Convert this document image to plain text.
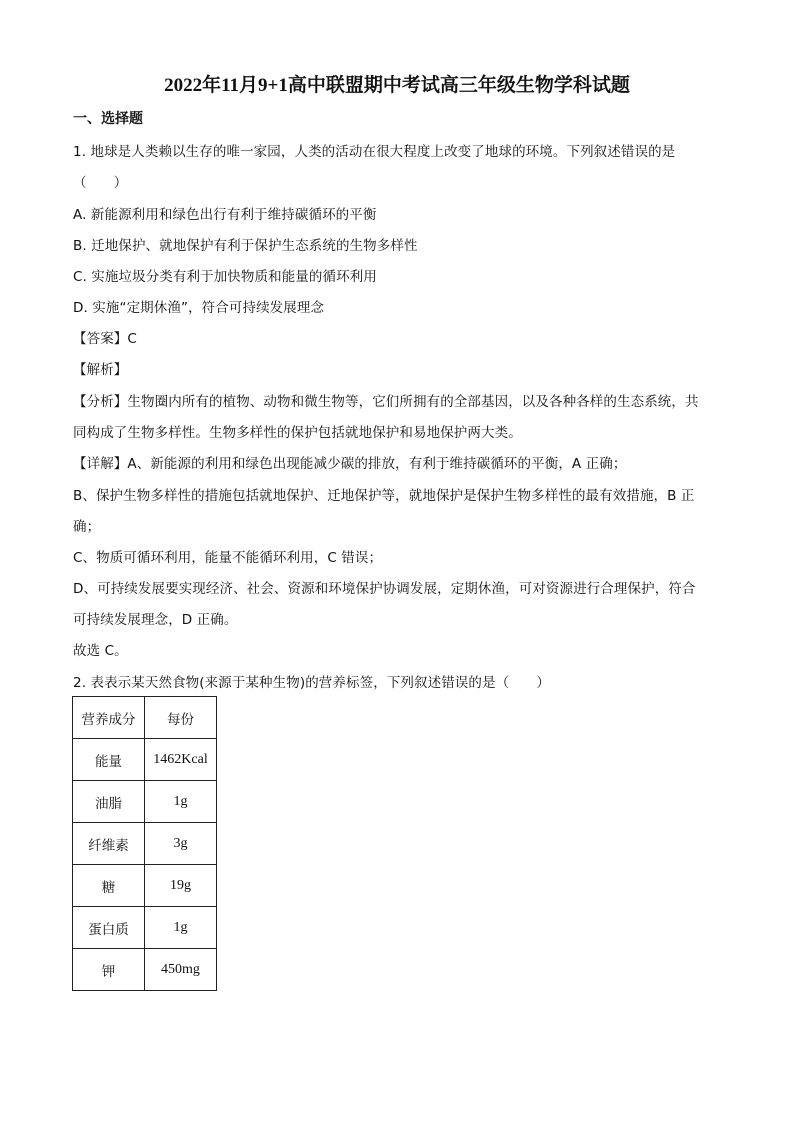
2022年11月9+1高中联盟期中考试高三年级生物学科试题
一、选择题
1. 地球是人类赖以生存的唯一家园，人类的活动在很大程度上改变了地球的环境。下列叙述错误的是
（　　）
A. 新能源利用和绿色出行有利于维持碳循环的平衡
B. 迁地保护、就地保护有利于保护生态系统的生物多样性
C. 实施垃圾分类有利于加快物质和能量的循环利用
D. 实施“定期休渔”，符合可持续发展理念
【答案】C
【解析】
【分析】生物圈内所有的植物、动物和微生物等，它们所拥有的全部基因，以及各种各样的生态系统，共
同构成了生物多样性。生物多样性的保护包括就地保护和易地保护两大类。
【详解】A、新能源的利用和绿色出现能减少碳的排放，有利于维持碳循环的平衡，A 正确；
B、保护生物多样性的措施包括就地保护、迁地保护等，就地保护是保护生物多样性的最有效措施，B 正
确；
C、物质可循环利用，能量不能循环利用，C 错误；
D、可持续发展要实现经济、社会、资源和环境保护协调发展，定期休渔，可对资源进行合理保护，符合
可持续发展理念，D 正确。
故选 C。
2. 表表示某天然食物(来源于某种生物)的营养标签，下列叙述错误的是（　　）
营养成分	每份
能量	1462Kcal
油脂	1g
纤维素	3g
糖	19g
蛋白质	1g
钾	450mg
